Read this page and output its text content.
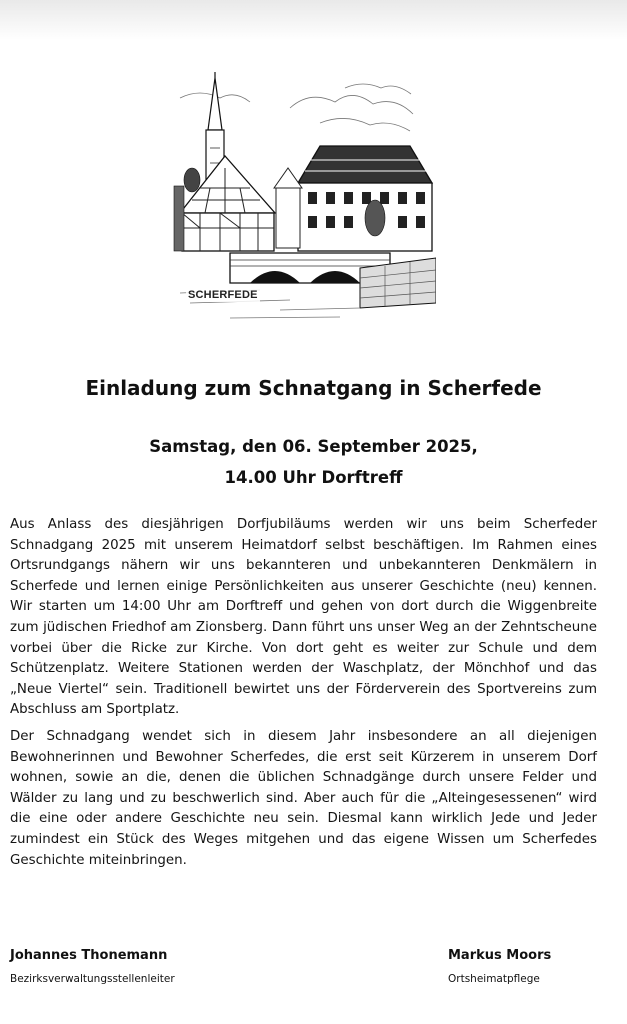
SCHERFEDE
Einladung zum Schnatgang in Scherfede
Samstag, den 06. September 2025,
14.00 Uhr Dorftreff

Aus Anlass des diesjährigen Dorfjubiläums werden wir uns beim Scherfeder Schnadgang 2025 mit unserem Heimatdorf selbst beschäftigen. Im Rahmen eines Ortsrundgangs nähern wir uns bekannteren und unbekannteren Denkmälern in Scherfede und lernen einige Persönlichkeiten aus unserer Geschichte (neu) kennen. Wir starten um 14:00 Uhr am Dorftreff und gehen von dort durch die Wiggenbreite zum jüdischen Friedhof am Zionsberg. Dann führt uns unser Weg an der Zehntscheune vorbei über die Ricke zur Kirche. Von dort geht es weiter zur Schule und dem Schützenplatz. Weitere Stationen werden der Waschplatz, der Mönchhof und das „Neue Viertel“ sein. Traditionell bewirtet uns der Förderverein des Sportvereins zum Abschluss am Sportplatz.

Der Schnadgang wendet sich in diesem Jahr insbesondere an all diejenigen Bewohnerinnen und Bewohner Scherfedes, die erst seit Kürzerem in unserem Dorf wohnen, sowie an die, denen die üblichen Schnadgänge durch unsere Felder und Wälder zu lang und zu beschwerlich sind. Aber auch für die „Alteingesessenen“ wird die eine oder andere Geschichte neu sein. Diesmal kann wirklich Jede und Jeder zumindest ein Stück des Weges mitgehen und das eigene Wissen um Scherfedes Geschichte miteinbringen.

Johannes Thonemann
Bezirksverwaltungsstellenleiter
Markus Moors
Ortsheimatpflege
